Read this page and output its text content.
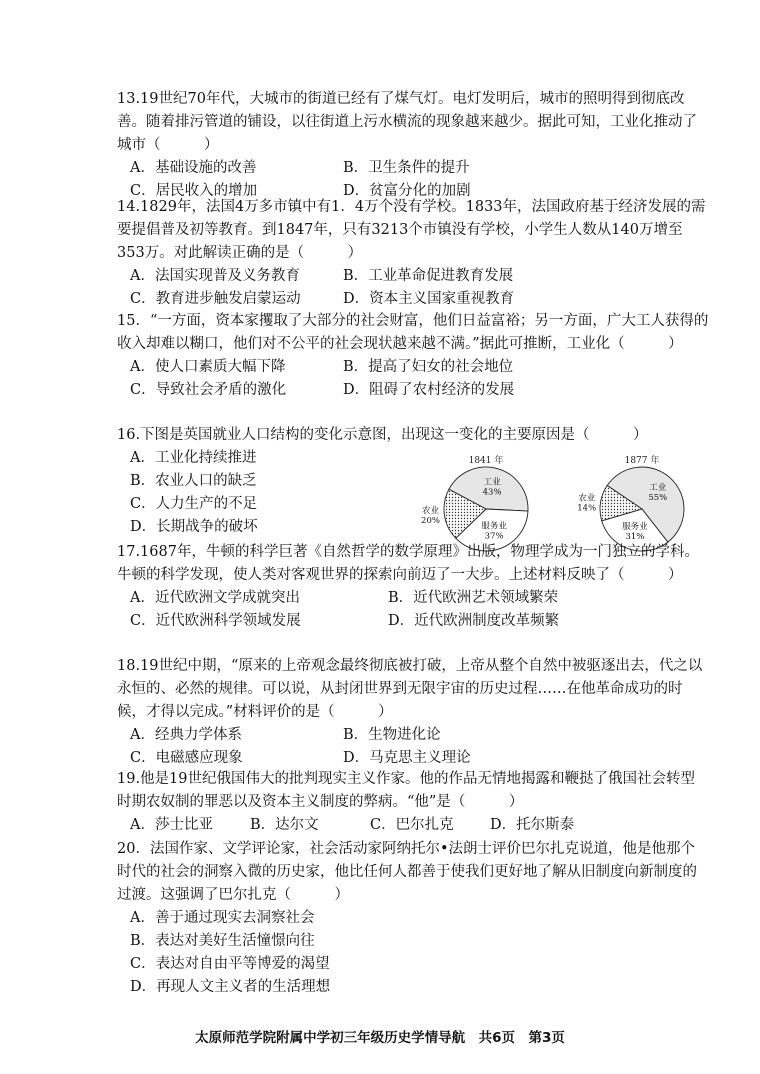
13.19世纪70年代，大城市的街道已经有了煤气灯。电灯发明后，城市的照明得到彻底改善。随着排污管道的铺设，以往街道上污水横流的现象越来越少。据此可知，工业化推动了城市（　　　）

A．基础设施的改善	B．卫生条件的提升
C．居民收入的增加	D．贫富分化的加剧

14.1829年，法国4万多市镇中有1．4万个没有学校。1833年，法国政府基于经济发展的需要提倡普及初等教育。到1847年，只有3213个市镇没有学校，小学生人数从140万增至353万。对此解读正确的是（　　　）

A．法国实现普及义务教育	B．工业革命促进教育发展
C．教育进步触发启蒙运动	D．资本主义国家重视教育

15．“一方面，资本家攫取了大部分的社会财富，他们日益富裕；另一方面，广大工人获得的收入却难以糊口，他们对不公平的社会现状越来越不满。”据此可推断，工业化（　　　）

A．使人口素质大幅下降	B．提高了妇女的社会地位
C．导致社会矛盾的激化	D．阻碍了农村经济的发展

16.下图是英国就业人口结构的变化示意图，出现这一变化的主要原因是（　　　）

A．工业化持续推进
B．农业人口的缺乏
C．人力生产的不足
D．长期战争的破坏
1841 年
工业
43%
服务业
37%
农业
20%
1877 年
工业
55%
服务业
31%
农业
14%

17.1687年，牛顿的科学巨著《自然哲学的数学原理》出版，物理学成为一门独立的学科。牛顿的科学发现，使人类对客观世界的探索向前迈了一大步。上述材料反映了（　　　）

A．近代欧洲文学成就突出	B．近代欧洲艺术领域繁荣
C．近代欧洲科学领域发展	D．近代欧洲制度改革频繁

18.19世纪中期，“原来的上帝观念最终彻底被打破，上帝从整个自然中被驱逐出去，代之以永恒的、必然的规律。可以说，从封闭世界到无限宇宙的历史过程……在他革命成功的时候，才得以完成。”材料评价的是（　　　）

A．经典力学体系	B．生物进化论
C．电磁感应现象	D．马克思主义理论

19.他是19世纪俄国伟大的批判现实主义作家。他的作品无情地揭露和鞭挞了俄国社会转型时期农奴制的罪恶以及资本主义制度的弊病。“他”是（　　　）

A．莎士比亚	B．达尔文	C．巴尔扎克	D．托尔斯泰

20．法国作家、文学评论家，社会活动家阿纳托尔•法朗士评价巴尔扎克说道，他是他那个时代的社会的洞察入微的历史家，他比任何人都善于使我们更好地了解从旧制度向新制度的过渡。这强调了巴尔扎克（　　　）

A．善于通过现实去洞察社会
B．表达对美好生活憧憬向往
C．表达对自由平等博爱的渴望
D．再现人文主义者的生活理想
太原师范学院附属中学初三年级历史学情导航　共6页　第3页
